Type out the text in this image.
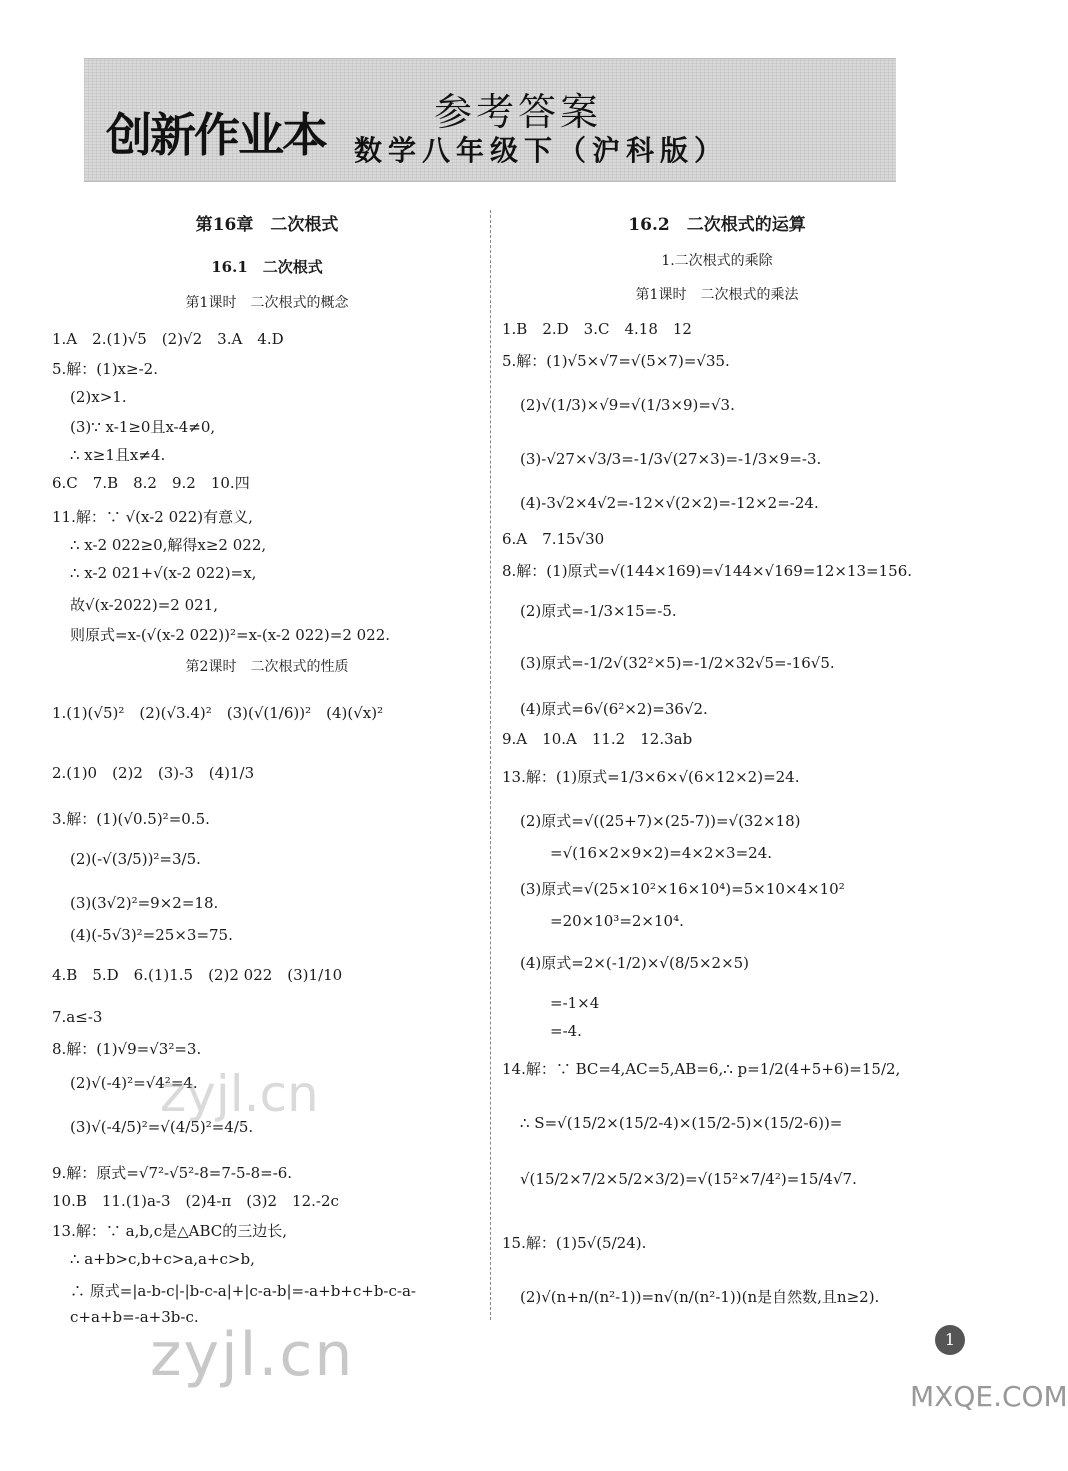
创新作业本	参考答案
数学八年级下（沪科版）
第16章　二次根式
16.1　二次根式
第1课时　二次根式的概念
1.A　2.(1)√5　(2)√2　3.A　4.D
5.解：(1)x≥-2.
(2)x>1.
(3)∵ x-1≥0且x-4≠0,
∴ x≥1且x≠4.
6.C　7.B　8.2　9.2　10.四
11.解：∵ √(x-2 022)有意义,
∴ x-2 022≥0,解得x≥2 022,
∴ x-2 021+√(x-2 022)=x,
故√(x-2022)=2 021,
则原式=x-(√(x-2 022))²=x-(x-2 022)=2 022.
第2课时　二次根式的性质
1.(1)(√5)²　(2)(√3.4)²　(3)(√(1/6))²　(4)(√x)²
2.(1)0　(2)2　(3)-3　(4)1/3
3.解：(1)(√0.5)²=0.5.
(2)(-√(3/5))²=3/5.
(3)(3√2)²=9×2=18.
(4)(-5√3)²=25×3=75.
4.B　5.D　6.(1)1.5　(2)2 022　(3)1/10
7.a≤-3
8.解：(1)√9=√3²=3.
(2)√(-4)²=√4²=4.
(3)√(-4/5)²=√(4/5)²=4/5.
9.解：原式=√7²-√5²-8=7-5-8=-6.
10.B　11.(1)a-3　(2)4-π　(3)2　12.-2c
13.解：∵ a,b,c是△ABC的三边长,
∴ a+b>c,b+c>a,a+c>b,
∴ 原式=|a-b-c|-|b-c-a|+|c-a-b|=-a+b+c+b-c-a-
c+a+b=-a+3b-c.
16.2　二次根式的运算
1.二次根式的乘除
第1课时　二次根式的乘法
1.B　2.D　3.C　4.18　12
5.解：(1)√5×√7=√(5×7)=√35.
(2)√(1/3)×√9=√(1/3×9)=√3.
(3)-√27×√3/3=-1/3√(27×3)=-1/3×9=-3.
(4)-3√2×4√2=-12×√(2×2)=-12×2=-24.
6.A　7.15√30
8.解：(1)原式=√(144×169)=√144×√169=12×13=156.
(2)原式=-1/3×15=-5.
(3)原式=-1/2√(32²×5)=-1/2×32√5=-16√5.
(4)原式=6√(6²×2)=36√2.
9.A　10.A　11.2　12.3ab
13.解：(1)原式=1/3×6×√(6×12×2)=24.
(2)原式=√((25+7)×(25-7))=√(32×18)
　　=√(16×2×9×2)=4×2×3=24.
(3)原式=√(25×10²×16×10⁴)=5×10×4×10²
　　=20×10³=2×10⁴.
(4)原式=2×(-1/2)×√(8/5×2×5)
　　=-1×4
　　=-4.
14.解：∵ BC=4,AC=5,AB=6,∴ p=1/2(4+5+6)=15/2,
∴ S=√(15/2×(15/2-4)×(15/2-5)×(15/2-6))=
√(15/2×7/2×5/2×3/2)=√(15²×7/4²)=15/4√7.
15.解：(1)5√(5/24).
(2)√(n+n/(n²-1))=n√(n/(n²-1))(n是自然数,且n≥2).
zyjl.cn
zyjl.cn	1
MXQE.COM
